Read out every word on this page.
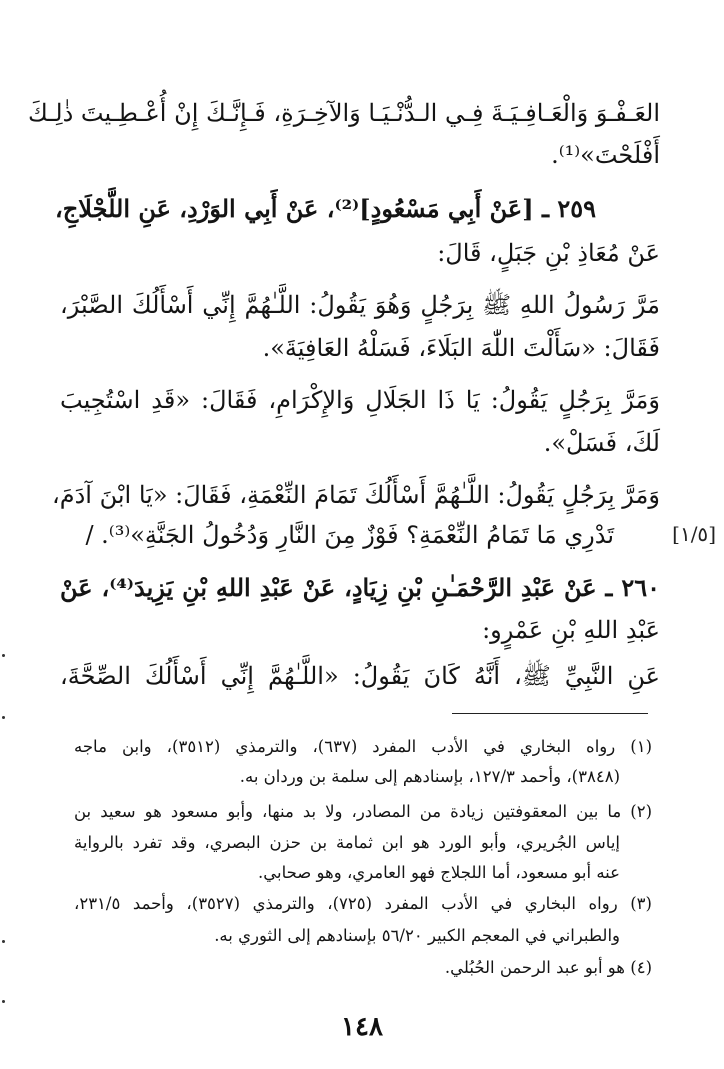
العَـفْـوَ وَالْعَـافِـيَـةَ فِـي الـدُّنْـيَـا وَالآخِـرَةِ، فَـإِنَّـكَ إِنْ أُعْـطِـيتَ ذٰلِـكَ
أَفْلَحْتَ»⁽¹⁾.
٢٥٩ ـ [عَنْ أَبِي مَسْعُودٍ]⁽²⁾، عَنْ أَبِي الوَرْدِ، عَنِ اللَّجْلَاجِ،
عَنْ مُعَاذِ بْنِ جَبَلٍ، قَالَ:
مَرَّ رَسُولُ اللهِ ﷺ بِرَجُلٍ وَهُوَ يَقُولُ: اللَّـٰهُمَّ إِنِّي أَسْأَلُكَ الصَّبْرَ،
فَقَالَ: «سَأَلْتَ اللّٰهَ البَلَاءَ، فَسَلْهُ العَافِيَةَ».
وَمَرَّ بِرَجُلٍ يَقُولُ: يَا ذَا الجَلَالِ وَالإِكْرَامِ، فَقَالَ: «قَدِ اسْتُجِيبَ
لَكَ، فَسَلْ».
وَمَرَّ بِرَجُلٍ يَقُولُ: اللَّـٰهُمَّ أَسْأَلُكَ تَمَامَ النِّعْمَةِ، فَقَالَ: «يَا ابْنَ آدَمَ،
تَدْرِي مَا تَمَامُ النِّعْمَةِ؟ فَوْزٌ مِنَ النَّارِ وَدُخُولُ الجَنَّةِ»⁽³⁾. /	[١/٥]
٢٦٠ ـ عَنْ عَبْدِ الرَّحْمَـٰنِ بْنِ زِيَادٍ، عَنْ عَبْدِ اللهِ بْنِ يَزِيدَ⁽⁴⁾، عَنْ
عَبْدِ اللهِ بْنِ عَمْرٍو:
عَنِ النَّبِيِّ ﷺ، أَنَّهُ كَانَ يَقُولُ: «اللَّـٰهُمَّ إِنِّي أَسْأَلُكَ الصِّحَّةَ،
(١) رواه البخاري في الأدب المفرد (٦٣٧)، والترمذي (٣٥١٢)، وابن ماجه
(٣٨٤٨)، وأحمد ١٢٧/٣، بإسنادهم إلى سلمة بن وردان به.
(٢) ما بين المعقوفتين زيادة من المصادر، ولا بد منها، وأبو مسعود هو سعيد بن
إياس الجُريري، وأبو الورد هو ابن ثمامة بن حزن البصري، وقد تفرد بالرواية
عنه أبو مسعود، أما اللجلاج فهو العامري، وهو صحابي.
(٣) رواه البخاري في الأدب المفرد (٧٢٥)، والترمذي (٣٥٢٧)، وأحمد ٢٣١/٥،
والطبراني في المعجم الكبير ٥٦/٢٠ بإسنادهم إلى الثوري به.
(٤) هو أبو عبد الرحمن الحُبُلي.
١٤٨
